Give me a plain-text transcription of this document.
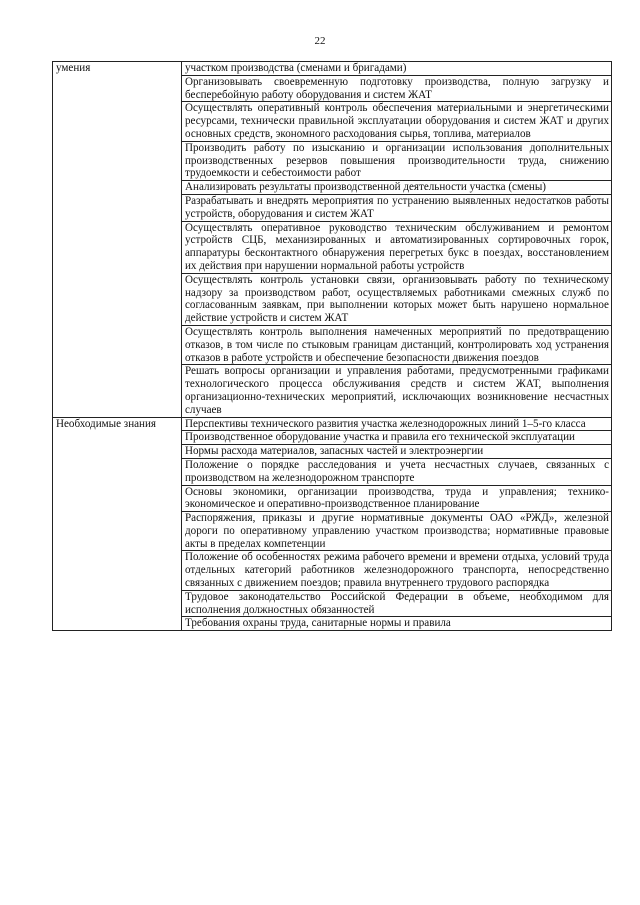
22
умения	участком производства (сменами и бригадами)
	Организовывать своевременную подготовку производства, полную загрузку и бесперебойную работу оборудования и систем ЖАТ
	Осуществлять оперативный контроль обеспечения материальными и энергетическими ресурсами, технически правильной эксплуатации оборудования и систем ЖАТ и других основных средств, экономного расходования сырья, топлива, материалов
	Производить работу по изысканию и организации использования дополнительных производственных резервов повышения производительности труда, снижению трудоемкости и себестоимости работ
	Анализировать результаты производственной деятельности участка (смены)
	Разрабатывать и внедрять мероприятия по устранению выявленных недостатков работы устройств, оборудования и систем ЖАТ
	Осуществлять оперативное руководство техническим обслуживанием и ремонтом устройств СЦБ, механизированных и автоматизированных сортировочных горок, аппаратуры бесконтактного обнаружения перегретых букс в поездах, восстановлением их действия при нарушении нормальной работы устройств
	Осуществлять контроль установки связи, организовывать работу по техническому надзору за производством работ, осуществляемых работниками смежных служб по согласованным заявкам, при выполнении которых может быть нарушено нормальное действие устройств и систем ЖАТ
	Осуществлять контроль выполнения намеченных мероприятий по предотвращению отказов, в том числе по стыковым границам дистанций, контролировать ход устранения отказов в работе устройств и обеспечение безопасности движения поездов
	Решать вопросы организации и управления работами, предусмотренными графиками технологического процесса обслуживания средств и систем ЖАТ, выполнения организационно-технических мероприятий, исключающих возникновение несчастных случаев
Необходимые знания	Перспективы технического развития участка железнодорожных линий 1–5-го класса
	Производственное оборудование участка и правила его технической эксплуатации
	Нормы расхода материалов, запасных частей и электроэнергии
	Положение о порядке расследования и учета несчастных случаев, связанных с производством на железнодорожном транспорте
	Основы экономики, организации производства, труда и управления; технико-экономическое и оперативно-производственное планирование
	Распоряжения, приказы и другие нормативные документы ОАО «РЖД», железной дороги по оперативному управлению участком производства; нормативные правовые акты в пределах компетенции
	Положение об особенностях режима рабочего времени и времени отдыха, условий труда отдельных категорий работников железнодорожного транспорта, непосредственно связанных с движением поездов; правила внутреннего трудового распорядка
	Трудовое законодательство Российской Федерации в объеме, необходимом для исполнения должностных обязанностей
	Требования охраны труда, санитарные нормы и правила
